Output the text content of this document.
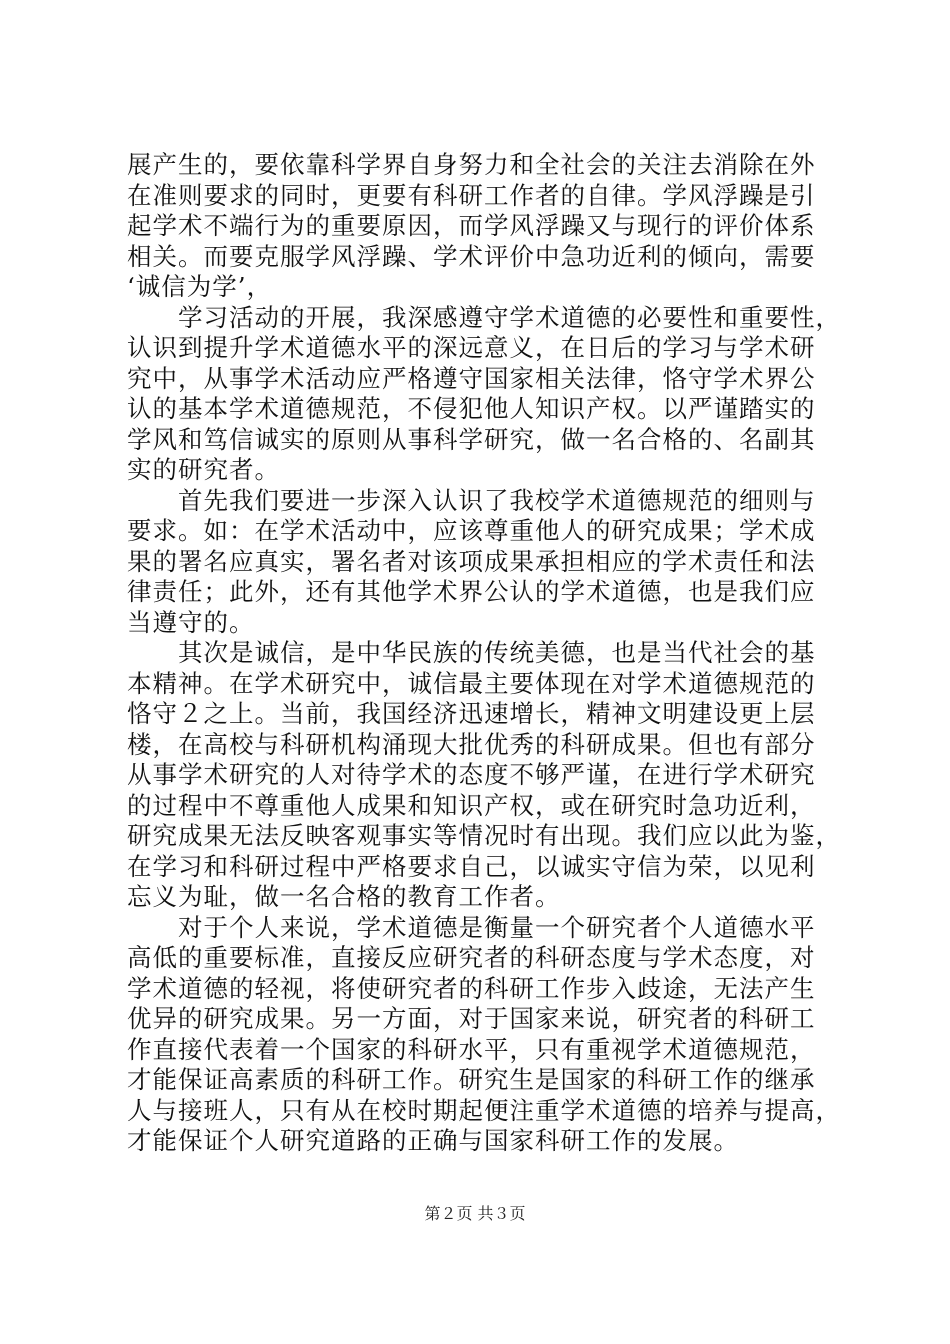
展产生的，要依靠科学界自身努力和全社会的关注去消除在外
在准则要求的同时，更要有科研工作者的自律。学风浮躁是引
起学术不端行为的重要原因，而学风浮躁又与现行的评价体系
相关。而要克服学风浮躁、学术评价中急功近利的倾向，需要
‘诚信为学’，
　　学习活动的开展，我深感遵守学术道德的必要性和重要性，
认识到提升学术道德水平的深远意义，在日后的学习与学术研
究中，从事学术活动应严格遵守国家相关法律，恪守学术界公
认的基本学术道德规范，不侵犯他人知识产权。以严谨踏实的
学风和笃信诚实的原则从事科学研究，做一名合格的、名副其
实的研究者。
　　首先我们要进一步深入认识了我校学术道德规范的细则与
要求。如：在学术活动中，应该尊重他人的研究成果；学术成
果的署名应真实，署名者对该项成果承担相应的学术责任和法
律责任；此外，还有其他学术界公认的学术道德，也是我们应
当遵守的。
　　其次是诚信，是中华民族的传统美德，也是当代社会的基
本精神。在学术研究中，诚信最主要体现在对学术道德规范的
恪守２之上。当前，我国经济迅速增长，精神文明建设更上层
楼，在高校与科研机构涌现大批优秀的科研成果。但也有部分
从事学术研究的人对待学术的态度不够严谨，在进行学术研究
的过程中不尊重他人成果和知识产权，或在研究时急功近利，
研究成果无法反映客观事实等情况时有出现。我们应以此为鉴，
在学习和科研过程中严格要求自己，以诚实守信为荣，以见利
忘义为耻，做一名合格的教育工作者。
　　对于个人来说，学术道德是衡量一个研究者个人道德水平
高低的重要标准，直接反应研究者的科研态度与学术态度，对
学术道德的轻视，将使研究者的科研工作步入歧途，无法产生
优异的研究成果。另一方面，对于国家来说，研究者的科研工
作直接代表着一个国家的科研水平，只有重视学术道德规范，
才能保证高素质的科研工作。研究生是国家的科研工作的继承
人与接班人，只有从在校时期起便注重学术道德的培养与提高，
才能保证个人研究道路的正确与国家科研工作的发展。
第２页 共３页
